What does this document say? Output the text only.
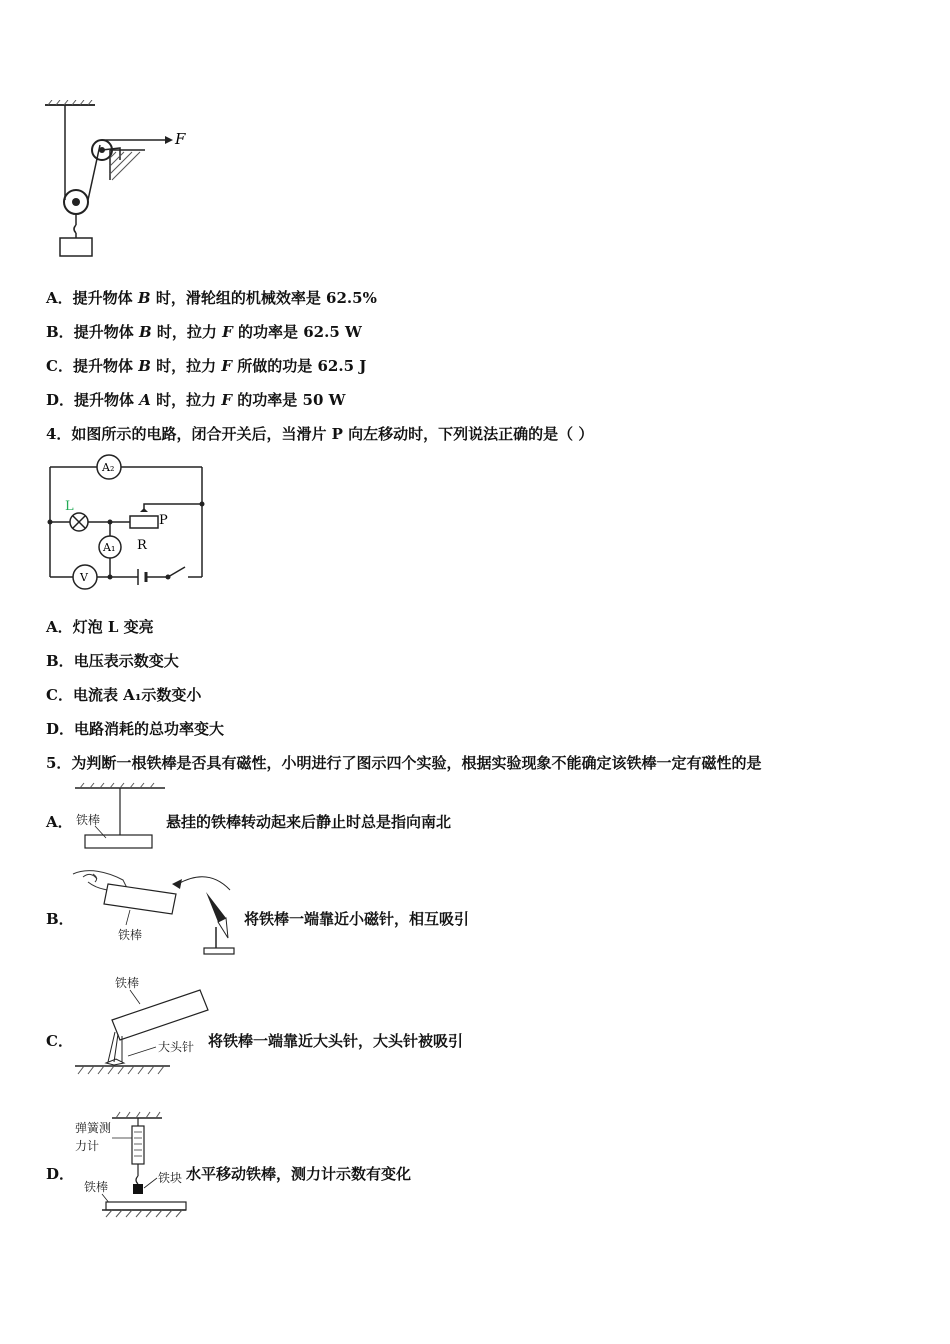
F
A．提升物体 B 时，滑轮组的机械效率是 62.5%
B．提升物体 B 时，拉力 F 的功率是 62.5 W
C．提升物体 B 时，拉力 F 所做的功是 62.5 J
D．提升物体 A 时，拉力 F 的功率是 50 W
4．如图所示的电路，闭合开关后，当滑片 P 向左移动时，下列说法正确的是（ ）
A₂
A₁
V
L
P
R
A．灯泡 L 变亮
B．电压表示数变大
C．电流表 A₁示数变小
D．电路消耗的总功率变大
5．为判断一根铁棒是否具有磁性，小明进行了图示四个实验，根据实验现象不能确定该铁棒一定有磁性的是
A． 铁棒	悬挂的铁棒转动起来后静止时总是指向南北
B．
铁棒
将铁棒一端靠近小磁针，相互吸引
C．
铁棒
大头针 将铁棒一端靠近大头针，大头针被吸引
D．
弹簧测
力计
铁块
铁棒
水平移动铁棒，测力计示数有变化
